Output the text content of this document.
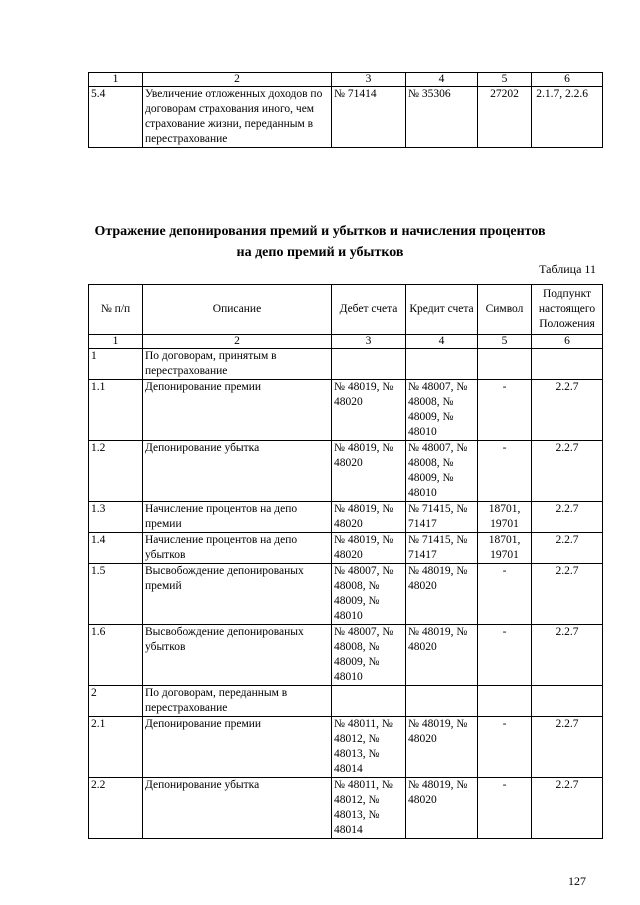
1	2	3	4	5	6
5.4	Увеличение отложенных доходов по договорам страхования иного, чем страхование жизни, переданным в перестрахование	№ 71414	№ 35306	27202	2.1.7, 2.2.6
Отражение депонирования премий и убытков и начисления процентов
на депо премий и убытков
Таблица 11
№ п/п	Описание	Дебет счета	Кредит счета	Символ	Подпункт настоящего Положения
1	2	3	4	5	6
1	По договорам, принятым в перестрахование				
1.1	Депонирование премии	№ 48019, № 48020	№ 48007, № 48008, № 48009, № 48010	-	2.2.7
1.2	Депонирование убытка	№ 48019, № 48020	№ 48007, № 48008, № 48009, № 48010	-	2.2.7
1.3	Начисление процентов на депо премии	№ 48019, № 48020	№ 71415, № 71417	18701, 19701	2.2.7
1.4	Начисление процентов на депо убытков	№ 48019, № 48020	№ 71415, № 71417	18701, 19701	2.2.7
1.5	Высвобождение депонированых премий	№ 48007, № 48008, № 48009, № 48010	№ 48019, № 48020	-	2.2.7
1.6	Высвобождение депонированых убытков	№ 48007, № 48008, № 48009, № 48010	№ 48019, № 48020	-	2.2.7
2	По договорам, переданным в перестрахование				
2.1	Депонирование премии	№ 48011, № 48012, № 48013, № 48014	№ 48019, № 48020	-	2.2.7
2.2	Депонирование убытка	№ 48011, № 48012, № 48013, № 48014	№ 48019, № 48020	-	2.2.7
127
